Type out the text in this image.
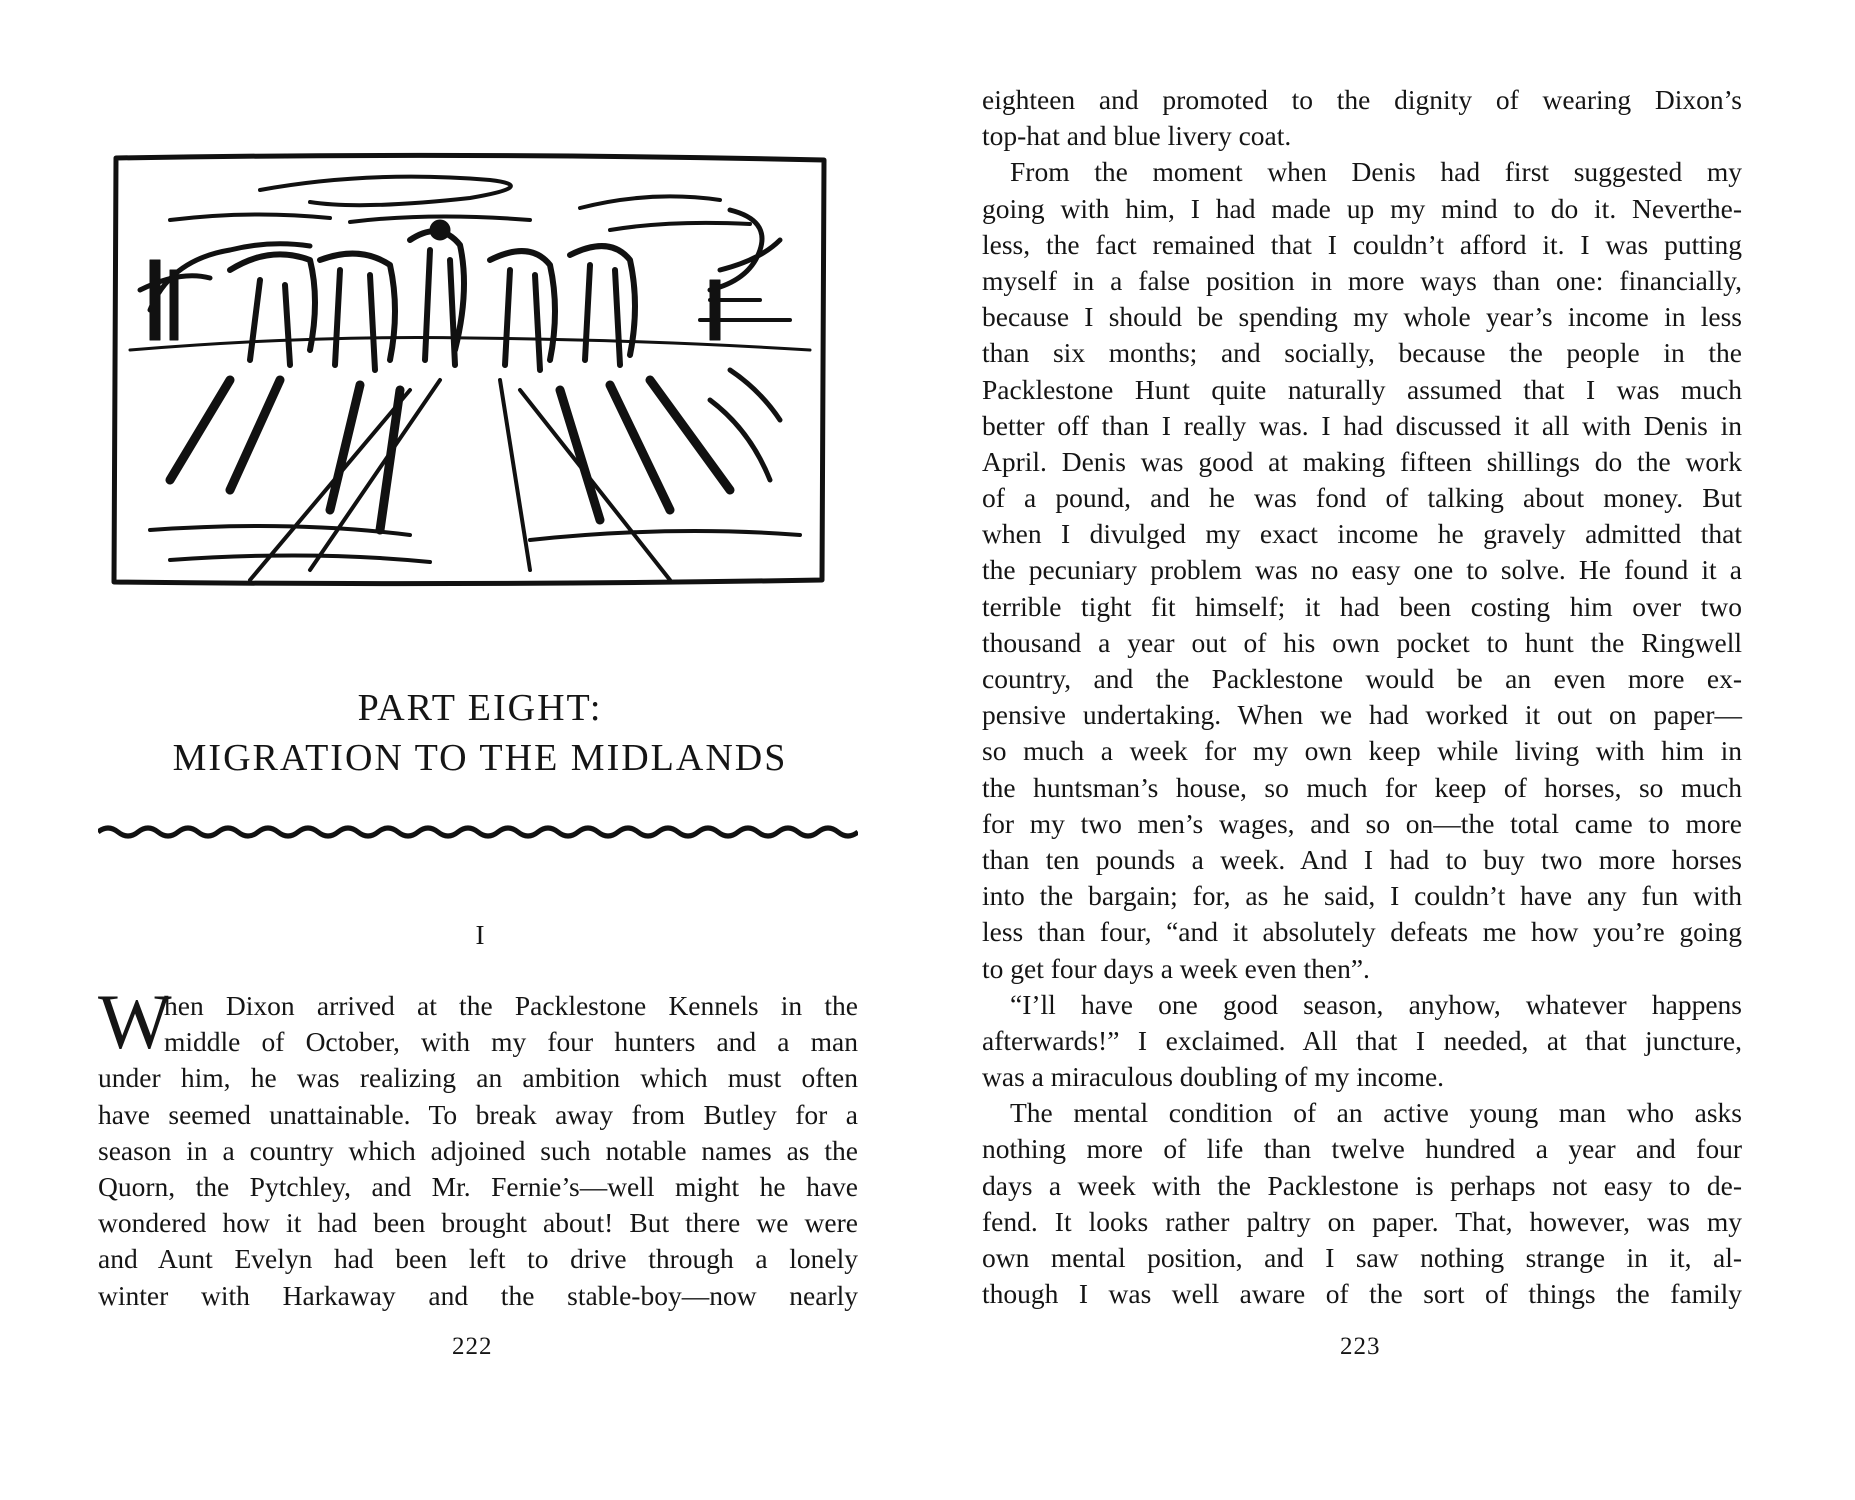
PART EIGHT:
MIGRATION TO THE MIDLANDS

I

W
hen Dixon arrived at the Packlestone Kennels in the
middle of October, with my four hunters and a man
under him, he was realizing an ambition which must often
have seemed unattainable. To break away from Butley for a
season in a country which adjoined such notable names as the
Quorn, the Pytchley, and Mr. Fernie’s—well might he have
wondered how it had been brought about! But there we were
and Aunt Evelyn had been left to drive through a lonely
winter with Harkaway and the stable-boy—now nearly

222

eighteen and promoted to the dignity of wearing Dixon’s
top-hat and blue livery coat.
From the moment when Denis had first suggested my
going with him, I had made up my mind to do it. Neverthe-
less, the fact remained that I couldn’t afford it. I was putting
myself in a false position in more ways than one: financially,
because I should be spending my whole year’s income in less
than six months; and socially, because the people in the
Packlestone Hunt quite naturally assumed that I was much
better off than I really was. I had discussed it all with Denis in
April. Denis was good at making fifteen shillings do the work
of a pound, and he was fond of talking about money. But
when I divulged my exact income he gravely admitted that
the pecuniary problem was no easy one to solve. He found it a
terrible tight fit himself; it had been costing him over two
thousand a year out of his own pocket to hunt the Ringwell
country, and the Packlestone would be an even more ex-
pensive undertaking. When we had worked it out on paper—
so much a week for my own keep while living with him in
the huntsman’s house, so much for keep of horses, so much
for my two men’s wages, and so on—the total came to more
than ten pounds a week. And I had to buy two more horses
into the bargain; for, as he said, I couldn’t have any fun with
less than four, “and it absolutely defeats me how you’re going
to get four days a week even then”.
“I’ll have one good season, anyhow, whatever happens
afterwards!” I exclaimed. All that I needed, at that juncture,
was a miraculous doubling of my income.
The mental condition of an active young man who asks
nothing more of life than twelve hundred a year and four
days a week with the Packlestone is perhaps not easy to de-
fend. It looks rather paltry on paper. That, however, was my
own mental position, and I saw nothing strange in it, al-
though I was well aware of the sort of things the family

223
